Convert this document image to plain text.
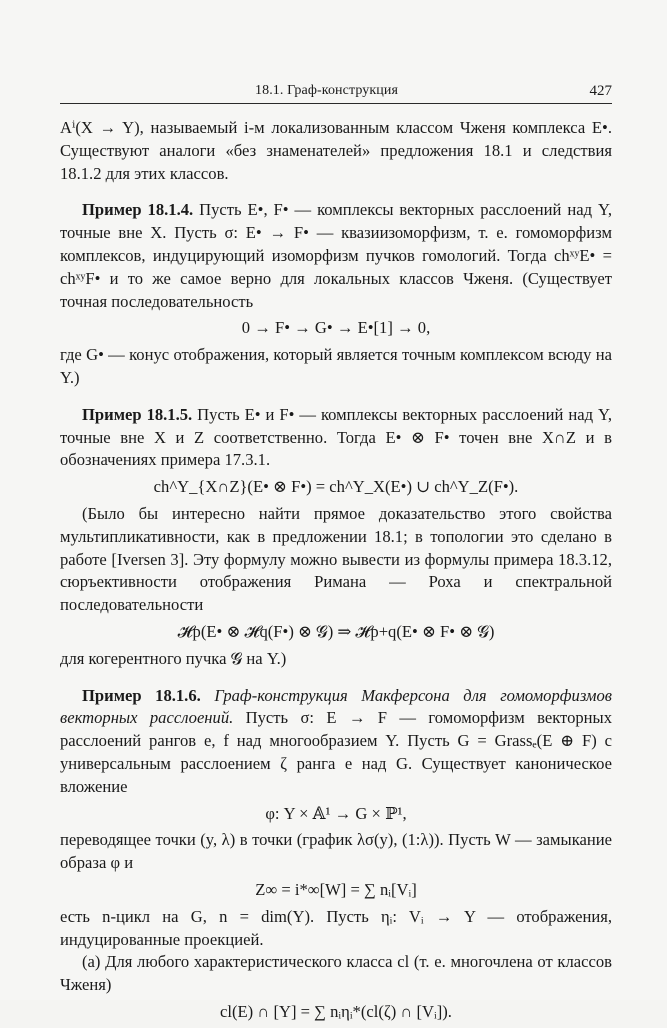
18.1. Граф-конструкция	427

Aⁱ(X → Y), называемый i-м локализованным классом Чженя комплекса E•. Существуют аналоги «без знаменателей» предложения 18.1 и следствия 18.1.2 для этих классов.

Пример 18.1.4. Пусть E•, F• — комплексы векторных расслоений над Y, точные вне X. Пусть σ: E• → F• — квазиизоморфизм, т. е. гомоморфизм комплексов, индуцирующий изоморфизм пучков гомологий. Тогда chˣʸE• = chˣʸF• и то же самое верно для локальных классов Чженя. (Существует точная последовательность

0 → F• → G• → E•[1] → 0,

где G• — конус отображения, который является точным комплексом всюду на Y.)

Пример 18.1.5. Пусть E• и F• — комплексы векторных расслоений над Y, точные вне X и Z соответственно. Тогда E• ⊗ F• точен вне X∩Z и в обозначениях примера 17.3.1.

ch^Y_{X∩Z}(E• ⊗ F•) = ch^Y_X(E•) ∪ ch^Y_Z(F•).

(Было бы интересно найти прямое доказательство этого свойства мультипликативности, как в предложении 18.1; в топологии это сделано в работе [Iversen 3]. Эту формулу можно вывести из формулы примера 18.3.12, сюръективности отображения Римана — Роха и спектральной последовательности

𝓗p(E• ⊗ 𝓗q(F•) ⊗ 𝓖) ⇒ 𝓗p+q(E• ⊗ F• ⊗ 𝓖)

для когерентного пучка 𝓖 на Y.)

Пример 18.1.6. Граф-конструкция Макферсона для гомоморфизмов векторных расслоений. Пусть σ: E → F — гомоморфизм векторных расслоений рангов e, f над многообразием Y. Пусть G = Grassₑ(E ⊕ F) с универсальным расслоением ζ ранга e над G. Существует каноническое вложение

φ: Y × 𝔸¹ → G × ℙ¹,

переводящее точки (y, λ) в точки (график λσ(y), (1:λ)). Пусть W — замыкание образа φ и

Z∞ = i*∞[W] = ∑ nᵢ[Vᵢ]

есть n-цикл на G, n = dim(Y). Пусть ηᵢ: Vᵢ → Y — отображения, индуцированные проекцией.

(а) Для любого характеристического класса cl (т. е. многочлена от классов Чженя)

cl(E) ∩ [Y] = ∑ nᵢηᵢ*(cl(ζ) ∩ [Vᵢ]).
